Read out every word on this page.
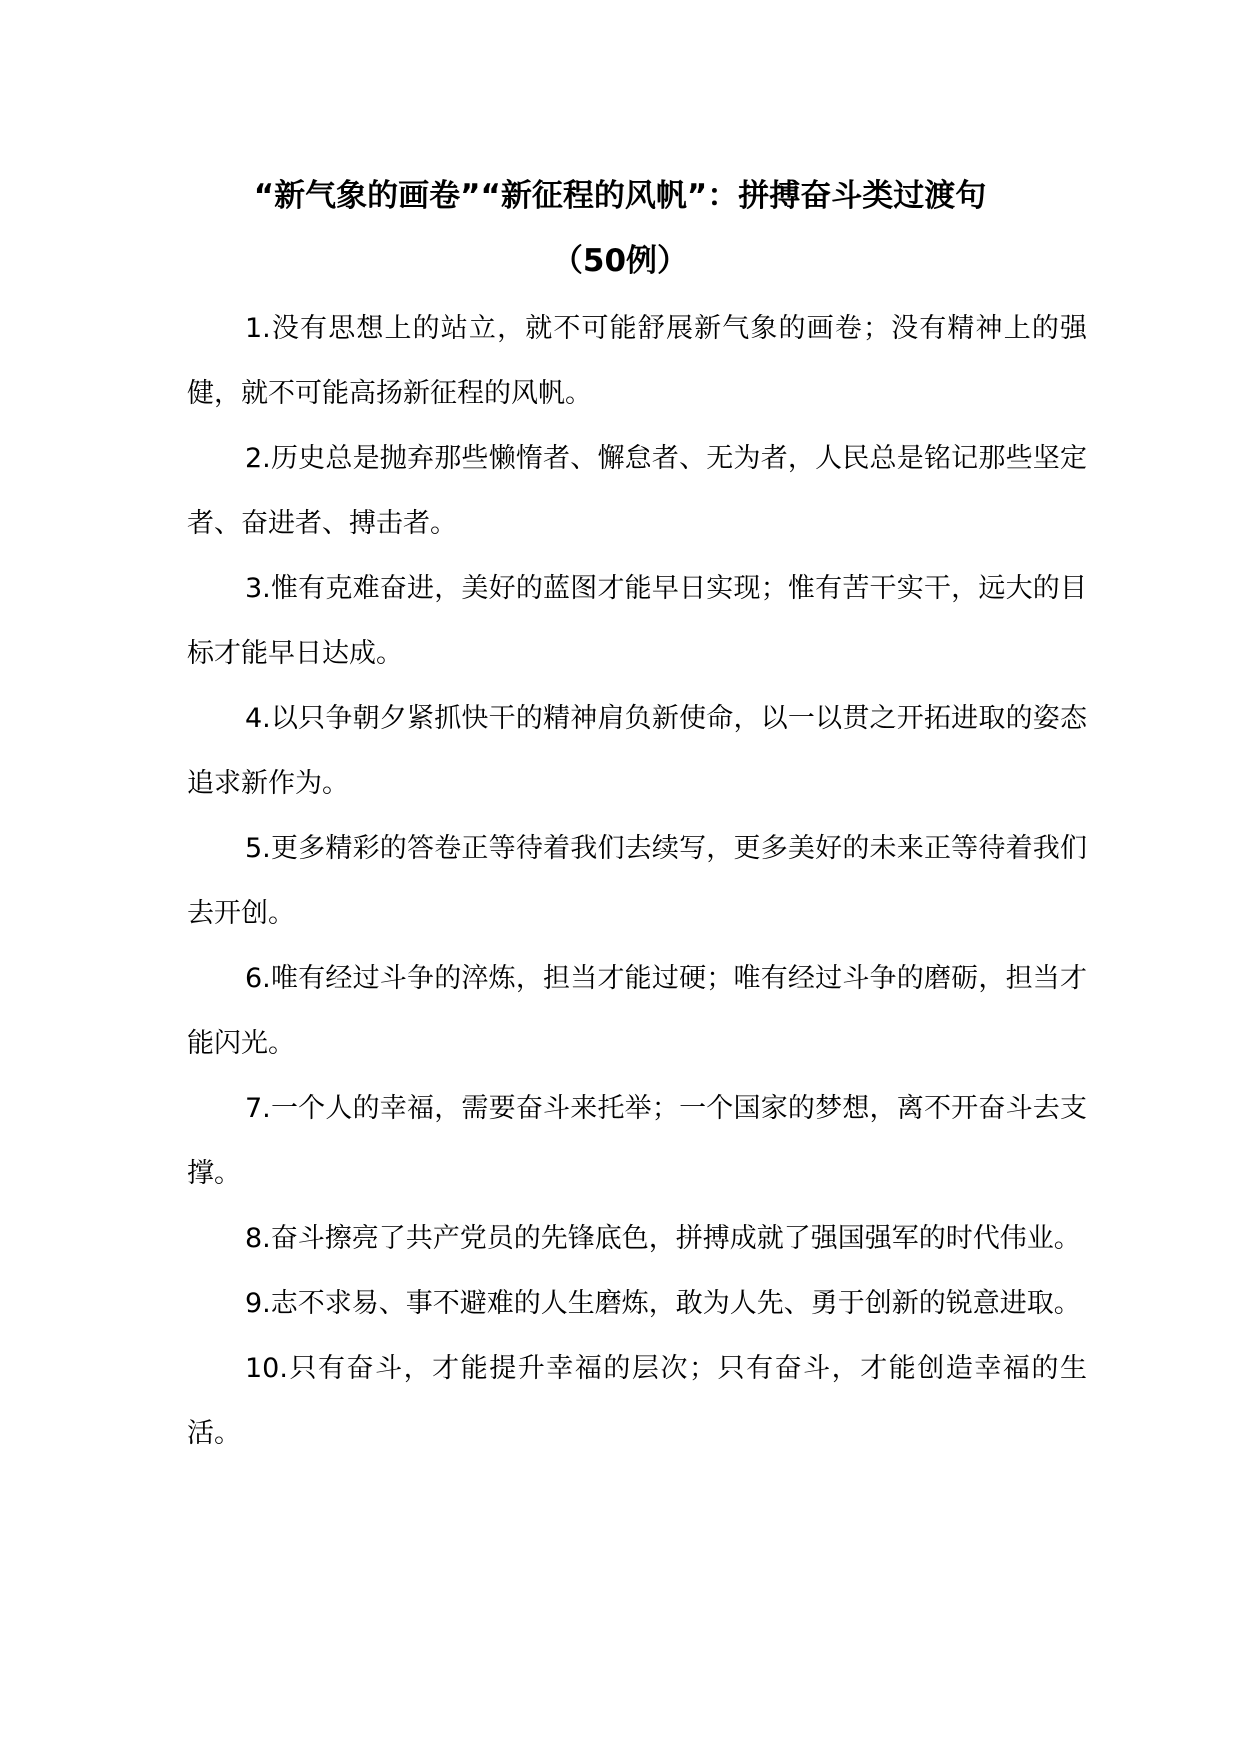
“新气象的画卷”“新征程的风帆”：拼搏奋斗类过渡句
（50例）

1.没有思想上的站立，就不可能舒展新气象的画卷；没有精神上的强健，就不可能高扬新征程的风帆。

2.历史总是抛弃那些懒惰者、懈怠者、无为者，人民总是铭记那些坚定者、奋进者、搏击者。

3.惟有克难奋进，美好的蓝图才能早日实现；惟有苦干实干，远大的目标才能早日达成。

4.以只争朝夕紧抓快干的精神肩负新使命，以一以贯之开拓进取的姿态追求新作为。

5.更多精彩的答卷正等待着我们去续写，更多美好的未来正等待着我们去开创。

6.唯有经过斗争的淬炼，担当才能过硬；唯有经过斗争的磨砺，担当才能闪光。

7.一个人的幸福，需要奋斗来托举；一个国家的梦想，离不开奋斗去支撑。

8.奋斗擦亮了共产党员的先锋底色，拼搏成就了强国强军的时代伟业。

9.志不求易、事不避难的人生磨炼，敢为人先、勇于创新的锐意进取。

10.只有奋斗，才能提升幸福的层次；只有奋斗，才能创造幸福的生活。
